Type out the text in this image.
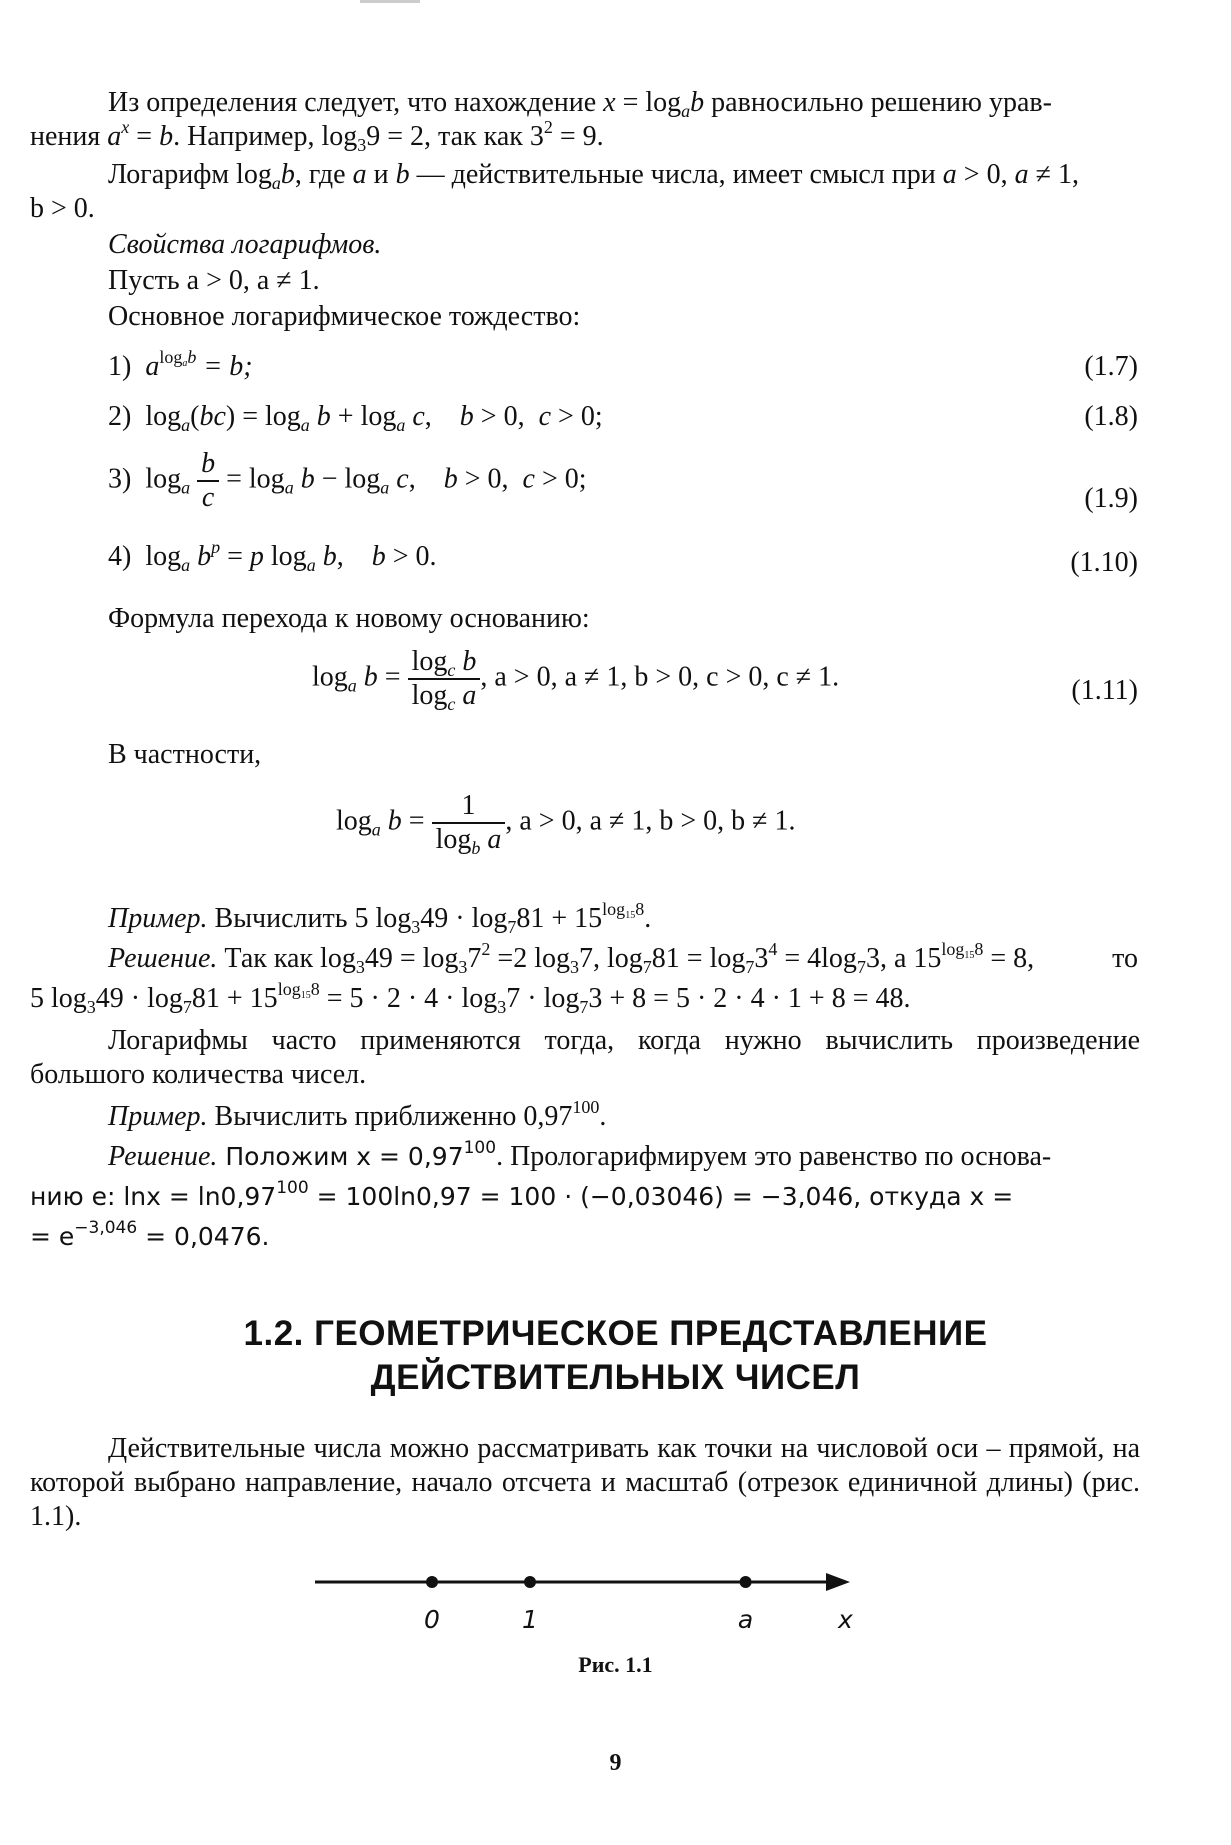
Из определения следует, что нахождение $x = \log_ab$ равносильно решению урав-
нения $a^x = b$. Например, $\log_39 = 2$, так как $3^2 = 9$.
Логарифм $\log_ab$, где a и b — действительные числа, имеет смысл при a > 0, a ≠ 1,
b > 0.
Свойства логарифмов.
Пусть a > 0, a ≠ 1.
Основное логарифмическое тождество:
1) $a^{logab} = b$;	(1.7)
2)  $\log_a(bc) = \log_a b + \log_a c$,    b > 0,  c > 0;	(1.8)
3)  $\log_a \frac{b}{c} = \log_a b - \log_a c$,    b > 0,  c > 0;
(1.9)
4)  $\log_a b^p = p$ $\log_a b$,    b > 0.	(1.10)
Формула перехода к новому основанию:
$\log_a b = \frac{\log_c b}{\log_c a}$ , a > 0, a ≠ 1, b > 0, c > 0, c ≠ 1.	(1.11)
В частности,
$\log_a b = \frac{1}{\log_b a}$ , a > 0, a ≠ 1, b > 0, b ≠ 1.
Пример. Вычислить 5 $\log_349 \cdot \log_781 + 15^{log158}$.
Решение. Так как $\log_349 = \log_37^2 =2$ $\log_37$, $\log_781 = \log_73^4 = 4\log_73$, а $15^{log158} = 8$,	то
5 $\log_349 \cdot \log_781 + 15^{log158} = 5 \cdot 2 \cdot 4 \cdot \log_37 \cdot \log_73 + 8 = 5 \cdot 2 \cdot 4 \cdot 1 + 8 = 48$.
Логарифмы часто применяются тогда, когда нужно вычислить произведение большого количества чисел.
Пример. Вычислить приближенно 0,97$^{100}$.
Решение. Положим $x = 0,97^{100}$. Прологарифмируем это равенство по основа-
нию e: $\ln x = \ln 0,97^{100} = 100\ln 0,97 = 100 \cdot (-0,03046) = -3,046$, откуда x =
= $e^{-3,046} = 0,0476$.
1.2. ГЕОМЕТРИЧЕСКОЕ ПРЕДСТАВЛЕНИЕ
ДЕЙСТВИТЕЛЬНЫХ ЧИСЕЛ
Действительные числа можно рассматривать как точки на числовой оси – прямой, на которой выбрано направление, начало отсчета и масштаб (отрезок единичной длины) (рис. 1.1).
0	1	a	x
Рис. 1.1
9
